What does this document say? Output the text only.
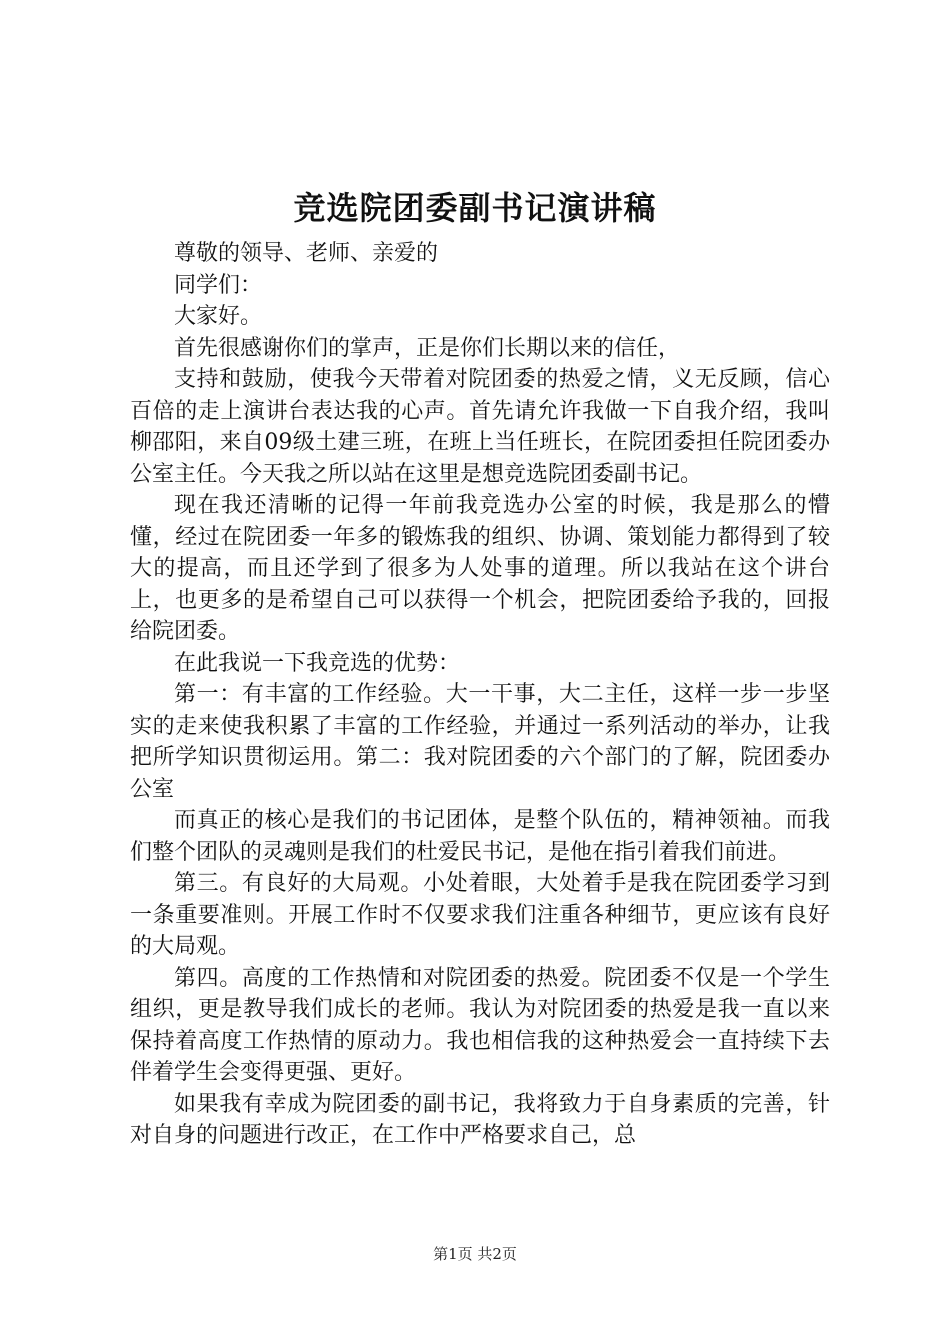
竞选院团委副书记演讲稿

尊敬的领导、老师、亲爱的

同学们：

大家好。

首先很感谢你们的掌声，正是你们长期以来的信任，

支持和鼓励，使我今天带着对院团委的热爱之情，义无反顾，信心百倍的走上演讲台表达我的心声。首先请允许我做一下自我介绍，我叫柳邵阳，来自09级土建三班，在班上当任班长，在院团委担任院团委办公室主任。今天我之所以站在这里是想竞选院团委副书记。

现在我还清晰的记得一年前我竞选办公室的时候，我是那么的懵懂，经过在院团委一年多的锻炼我的组织、协调、策划能力都得到了较大的提高，而且还学到了很多为人处事的道理。所以我站在这个讲台上，也更多的是希望自己可以获得一个机会，把院团委给予我的，回报给院团委。

在此我说一下我竞选的优势：

第一：有丰富的工作经验。大一干事，大二主任，这样一步一步坚实的走来使我积累了丰富的工作经验，并通过一系列活动的举办，让我把所学知识贯彻运用。第二：我对院团委的六个部门的了解，院团委办公室

而真正的核心是我们的书记团体，是整个队伍的，精神领袖。而我们整个团队的灵魂则是我们的杜爱民书记，是他在指引着我们前进。

第三。有良好的大局观。小处着眼，大处着手是我在院团委学习到一条重要准则。开展工作时不仅要求我们注重各种细节，更应该有良好的大局观。

第四。高度的工作热情和对院团委的热爱。院团委不仅是一个学生组织，更是教导我们成长的老师。我认为对院团委的热爱是我一直以来保持着高度工作热情的原动力。我也相信我的这种热爱会一直持续下去伴着学生会变得更强、更好。

如果我有幸成为院团委的副书记，我将致力于自身素质的完善，针对自身的问题进行改正，在工作中严格要求自己，总

第1页 共2页
